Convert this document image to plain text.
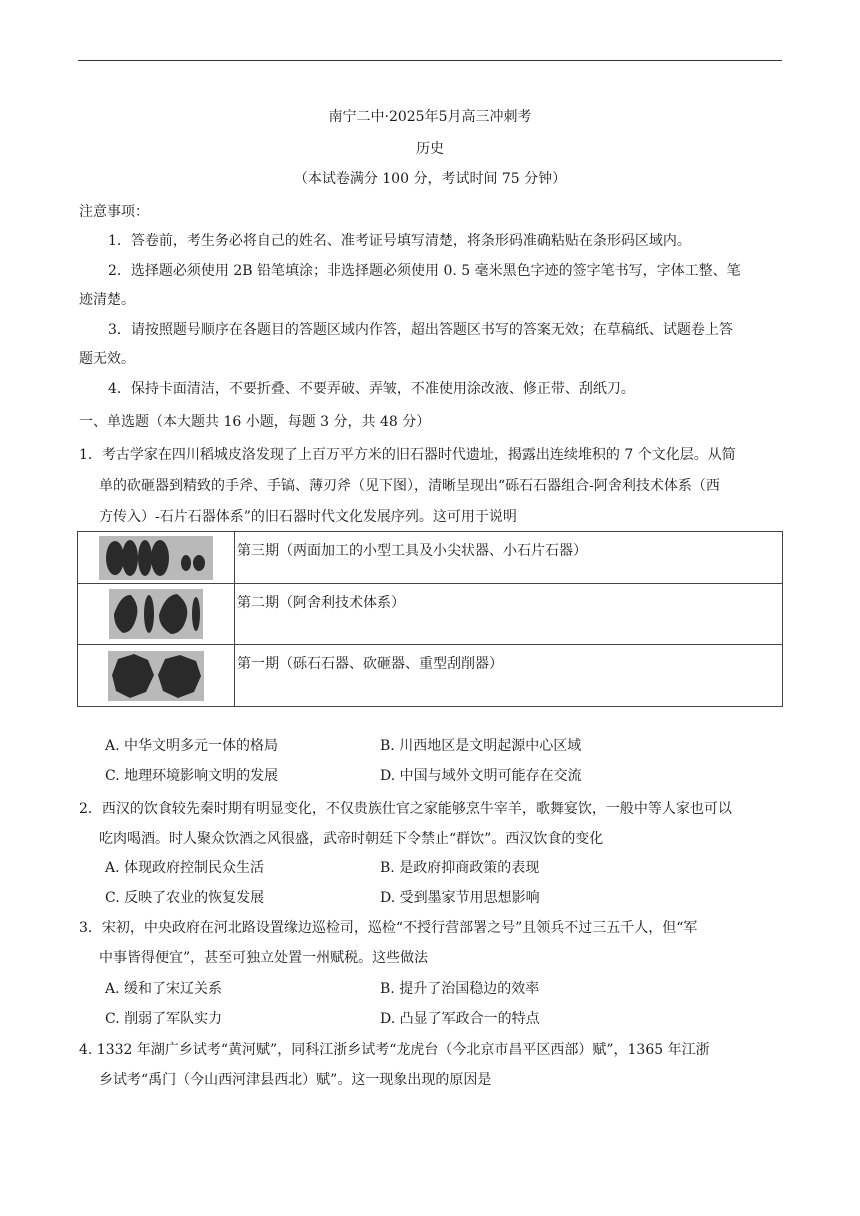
南宁二中·2025年5月高三冲刺考
历史
（本试卷满分 100 分，考试时间 75 分钟）
注意事项：
1．答卷前，考生务必将自己的姓名、准考证号填写清楚，将条形码准确粘贴在条形码区域内。
2．选择题必须使用 2B 铅笔填涂；非选择题必须使用 0. 5 毫米黑色字迹的签字笔书写，字体工整、笔
迹清楚。
3．请按照题号顺序在各题目的答题区域内作答，超出答题区书写的答案无效；在草稿纸、试题卷上答
题无效。
4．保持卡面清洁，不要折叠、不要弄破、弄皱，不准使用涂改液、修正带、刮纸刀。
一、单选题（本大题共 16 小题，每题 3 分，共 48 分）
1．考古学家在四川稻城皮洛发现了上百万平方米的旧石器时代遗址，揭露出连续堆积的 7 个文化层。从简
单的砍砸器到精致的手斧、手镐、薄刃斧（见下图），清晰呈现出“砾石石器组合-阿舍利技术体系（西
方传入）-石片石器体系”的旧石器时代文化发展序列。这可用于说明
	第三期（两面加工的小型工具及小尖状器、小石片石器）
	第二期（阿舍利技术体系）
	第一期（砾石石器、砍砸器、重型刮削器）
A. 中华文明多元一体的格局	B. 川西地区是文明起源中心区域
C. 地理环境影响文明的发展	D. 中国与域外文明可能存在交流
2．西汉的饮食较先秦时期有明显变化，不仅贵族仕官之家能够烹牛宰羊，歌舞宴饮，一般中等人家也可以
吃肉喝酒。时人聚众饮酒之风很盛，武帝时朝廷下令禁止“群饮”。西汉饮食的变化
A. 体现政府控制民众生活	B. 是政府抑商政策的表现
C. 反映了农业的恢复发展	D. 受到墨家节用思想影响
3．宋初，中央政府在河北路设置缘边巡检司，巡检“不授行营部署之号”且领兵不过三五千人，但“军
中事皆得便宜”，甚至可独立处置一州赋税。这些做法
A. 缓和了宋辽关系	B. 提升了治国稳边的效率
C. 削弱了军队实力	D. 凸显了军政合一的特点
4. 1332 年湖广乡试考“黄河赋”，同科江浙乡试考“龙虎台（今北京市昌平区西部）赋”，1365 年江浙
乡试考“禹门（今山西河津县西北）赋”。这一现象出现的原因是
